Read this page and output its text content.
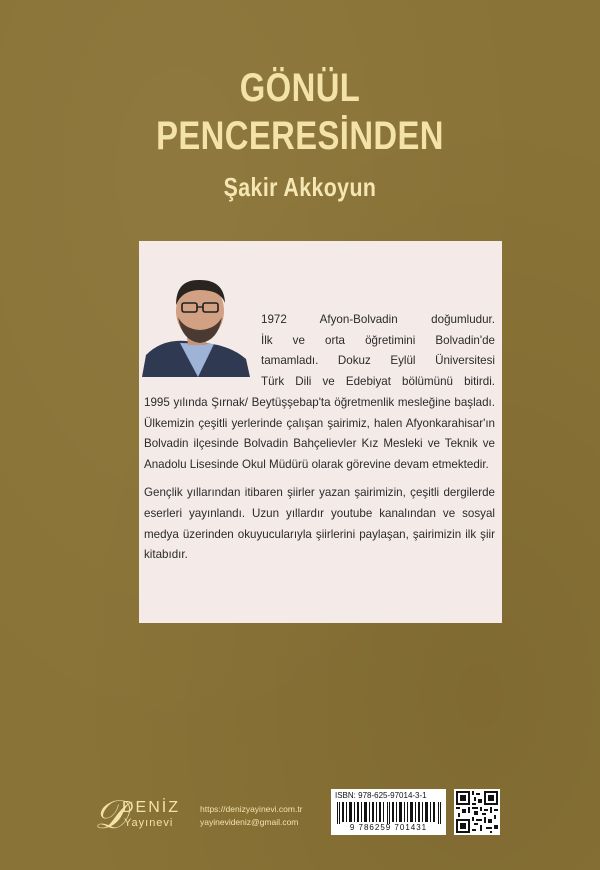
GÖNÜL
PENCERESİNDEN
Şakir Akkoyun

1972 Afyon-Bolvadin doğumludur.

İlk ve orta öğretimini Bolvadin'de

tamamladı. Dokuz Eylül Üniversitesi

Türk Dili ve Edebiyat bölümünü bitirdi.

1995 yılında Şırnak/ Beytüşşebap'ta öğretmenlik mesleğine başladı. Ülkemizin çeşitli yerlerinde çalışan şairimiz, halen Afyonkarahisar'ın Bolvadin ilçesinde Bolvadin Bahçelievler Kız Mesleki ve Teknik ve Anadolu Lisesinde Okul Müdürü olarak görevine devam etmektedir.

Gençlik yıllarından itibaren şiirler yazan şairimizin, çeşitli dergilerde eserleri yayınlandı. Uzun yıllardır youtube kanalından ve sosyal medya üzerinden okuyucularıyla şiirlerini paylaşan, şairimizin ilk şiir kitabıdır.

𝒟
DENİZ
Yayınevi
https://denizyayinevi.com.tr
yayinevideniz@gmail.com
ISBN: 978-625-97014-3-1
9 786259 701431
